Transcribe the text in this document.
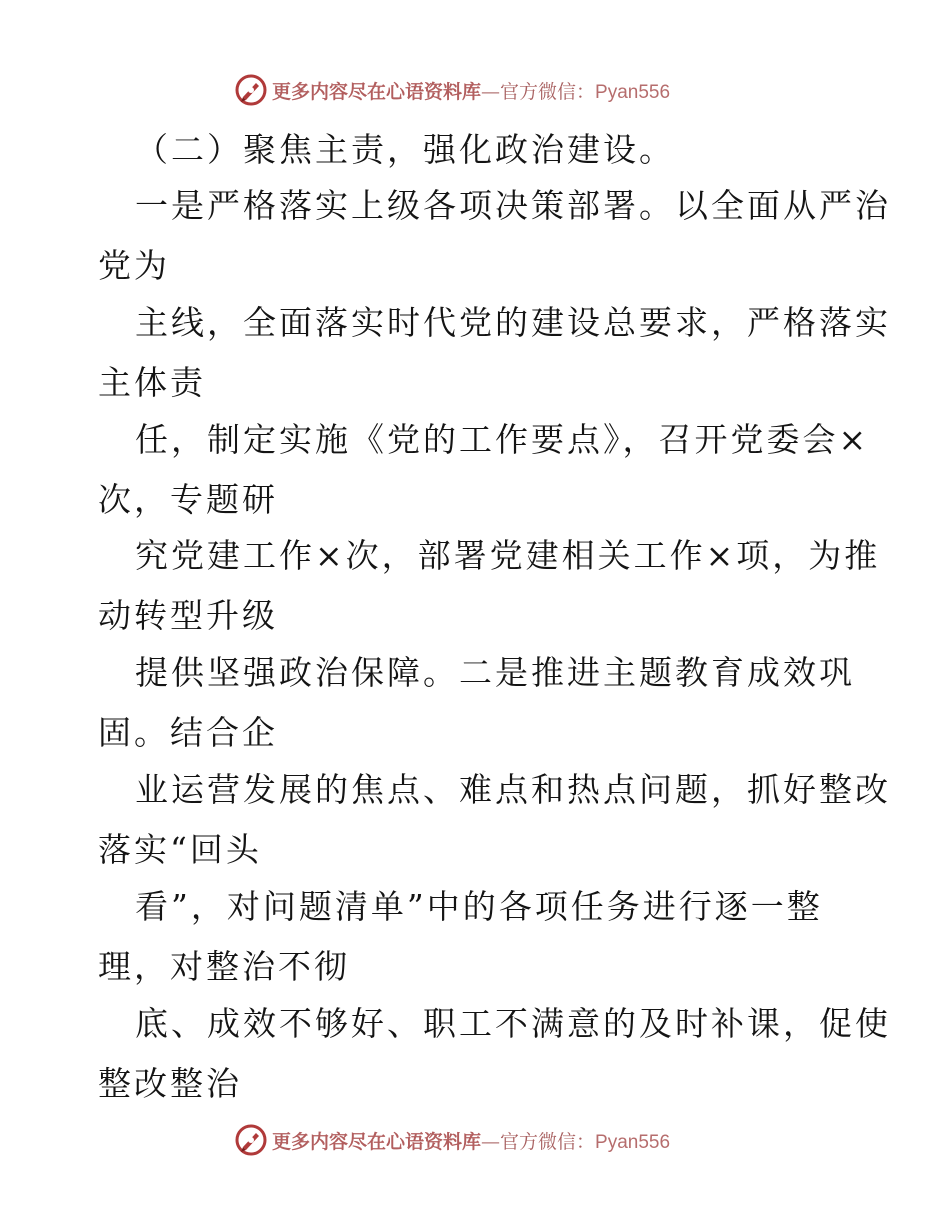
更多内容尽在心语资料库—官方微信：Pyan556
（二）聚焦主责，强化政治建设。
一是严格落实上级各项决策部署。以全面从严治
党为
主线，全面落实时代党的建设总要求，严格落实
主体责
任，制定实施《党的工作要点》，召开党委会×
次，专题研
究党建工作×次，部署党建相关工作×项，为推
动转型升级
提供坚强政治保障。二是推进主题教育成效巩
固。结合企
业运营发展的焦点、难点和热点问题，抓好整改
落实“回头
看”，对问题清单”中的各项任务进行逐一整
理，对整治不彻
底、成效不够好、职工不满意的及时补课，促使
整改整治
更多内容尽在心语资料库—官方微信：Pyan556
